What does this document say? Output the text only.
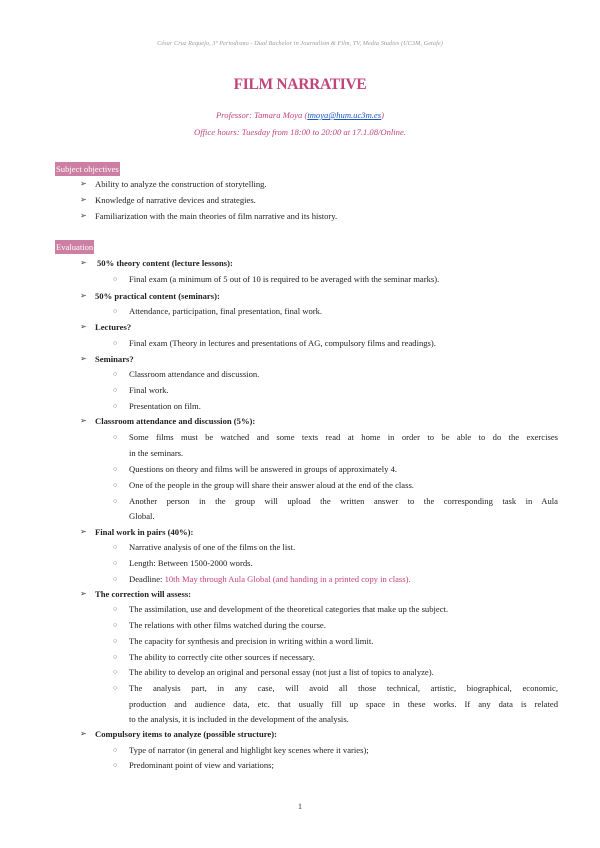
César Cruz Requejo, 3º Periodismo - Dual Bachelor in Journalism & Film, TV, Media Studies (UC3M, Getafe)
FILM NARRATIVE
Professor: Tamara Moya (tmoya@hum.uc3m.es)
Office hours: Tuesday from 18:00 to 20:00 at 17.1.08/Online.
Subject objectives
➢ Ability to analyze the construction of storytelling.
➢ Knowledge of narrative devices and strategies.
➢ Familiarization with the main theories of film narrative and its history.
Evaluation
➢ 50% theory content (lecture lessons):
○ Final exam (a minimum of 5 out of 10 is required to be averaged with the seminar marks).
➢ 50% practical content (seminars):
○ Attendance, participation, final presentation, final work.
➢ Lectures?
○ Final exam (Theory in lectures and presentations of AG, compulsory films and readings).
➢ Seminars?
○ Classroom attendance and discussion.
○ Final work.
○ Presentation on film.
➢ Classroom attendance and discussion (5%):
○ Some films must be watched and some texts read at home in order to be able to do the exercises
in the seminars.
○ Questions on theory and films will be answered in groups of approximately 4.
○ One of the people in the group will share their answer aloud at the end of the class.
○ Another person in the group will upload the written answer to the corresponding task in Aula
Global.
➢ Final work in pairs (40%):
○ Narrative analysis of one of the films on the list.
○ Length: Between 1500-2000 words.
○ Deadline: 10th May through Aula Global (and handing in a printed copy in class).
➢ The correction will assess:
○ The assimilation, use and development of the theoretical categories that make up the subject.
○ The relations with other films watched during the course.
○ The capacity for synthesis and precision in writing within a word limit.
○ The ability to correctly cite other sources if necessary.
○ The ability to develop an original and personal essay (not just a list of topics to analyze).
○ The analysis part, in any case, will avoid all those technical, artistic, biographical, economic,
production and audience data, etc. that usually fill up space in these works. If any data is related
to the analysis, it is included in the development of the analysis.
➢ Compulsory items to analyze (possible structure):
○ Type of narrator (in general and highlight key scenes where it varies);
○ Predominant point of view and variations;
1
